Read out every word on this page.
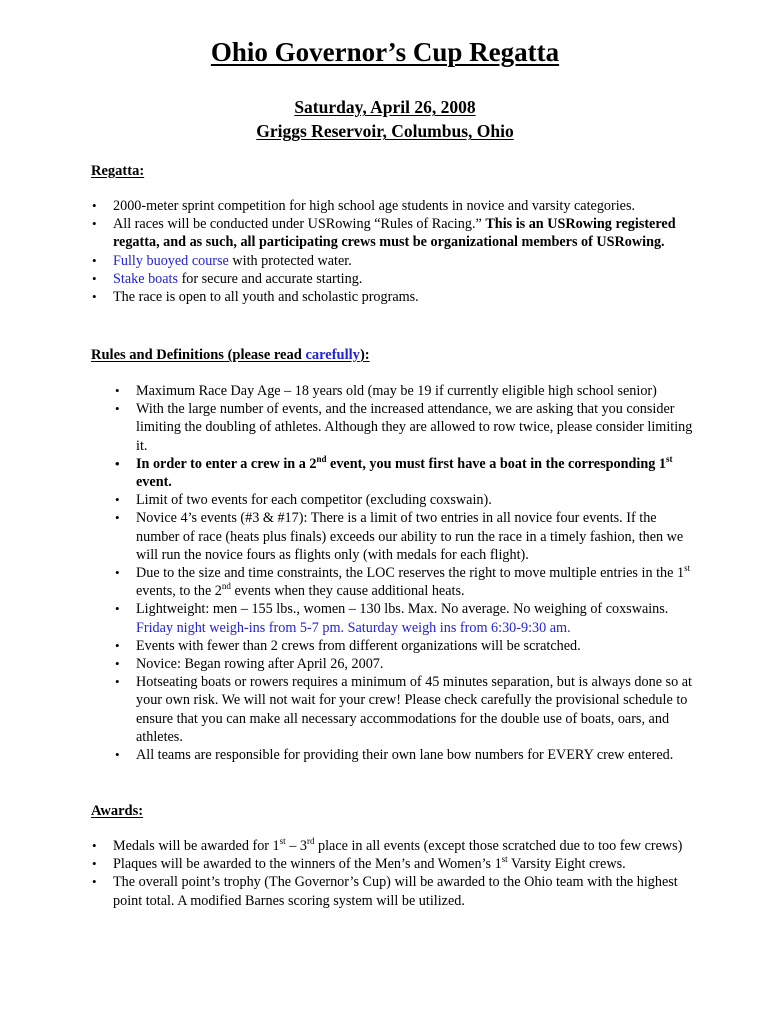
Ohio Governor’s Cup Regatta
Saturday, April 26, 2008
Griggs Reservoir, Columbus, Ohio
Regatta:
• 2000-meter sprint competition for high school age students in novice and varsity categories.
• All races will be conducted under USRowing “Rules of Racing.” This is an USRowing registered regatta, and as such, all participating crews must be organizational members of USRowing.
• Fully buoyed course with protected water.
• Stake boats for secure and accurate starting.
• The race is open to all youth and scholastic programs.
Rules and Definitions (please read carefully):
• Maximum Race Day Age – 18 years old (may be 19 if currently eligible high school senior)
• With the large number of events, and the increased attendance, we are asking that you consider limiting the doubling of athletes. Although they are allowed to row twice, please consider limiting it.
• In order to enter a crew in a 2nd event, you must first have a boat in the corresponding 1st event.
• Limit of two events for each competitor (excluding coxswain).
• Novice 4’s events (#3 & #17): There is a limit of two entries in all novice four events. If the number of race (heats plus finals) exceeds our ability to run the race in a timely fashion, then we will run the novice fours as flights only (with medals for each flight).
• Due to the size and time constraints, the LOC reserves the right to move multiple entries in the 1st events, to the 2nd events when they cause additional heats.
• Lightweight: men – 155 lbs., women – 130 lbs. Max. No average. No weighing of coxswains. Friday night weigh-ins from 5-7 pm. Saturday weigh ins from 6:30-9:30 am.
• Events with fewer than 2 crews from different organizations will be scratched.
• Novice: Began rowing after April 26, 2007.
• Hotseating boats or rowers requires a minimum of 45 minutes separation, but is always done so at your own risk. We will not wait for your crew! Please check carefully the provisional schedule to ensure that you can make all necessary accommodations for the double use of boats, oars, and athletes.
• All teams are responsible for providing their own lane bow numbers for EVERY crew entered.
Awards:
• Medals will be awarded for 1st – 3rd place in all events (except those scratched due to too few crews)
• Plaques will be awarded to the winners of the Men’s and Women’s 1st Varsity Eight crews.
• The overall point’s trophy (The Governor’s Cup) will be awarded to the Ohio team with the highest point total. A modified Barnes scoring system will be utilized.
